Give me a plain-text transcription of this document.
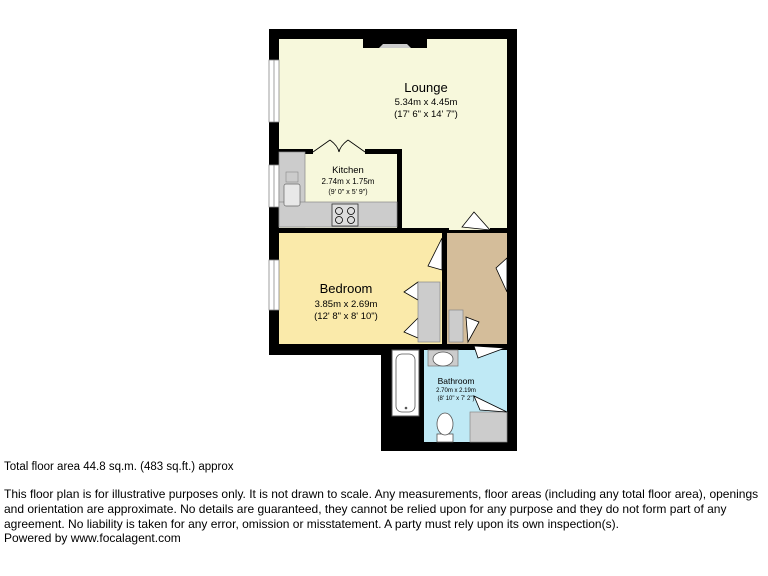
Lounge
5.34m x 4.45m
(17' 6" x 14' 7")
Kitchen
2.74m x 1.75m
(9' 0" x 5' 9")
Bedroom
3.85m x 2.69m
(12' 8" x 8' 10")
Bathroom
2.70m x 2.19m
(8' 10" x 7' 2")

Total floor area 44.8 sq.m. (483 sq.ft.) approx

This floor plan is for illustrative purposes only. It is not drawn to scale. Any measurements, floor areas (including any total floor area), openings and orientation are approximate. No details are guaranteed, they cannot be relied upon for any purpose and they do not form part of any agreement. No liability is taken for any error, omission or misstatement. A party must rely upon its own inspection(s).

Powered by www.focalagent.com
